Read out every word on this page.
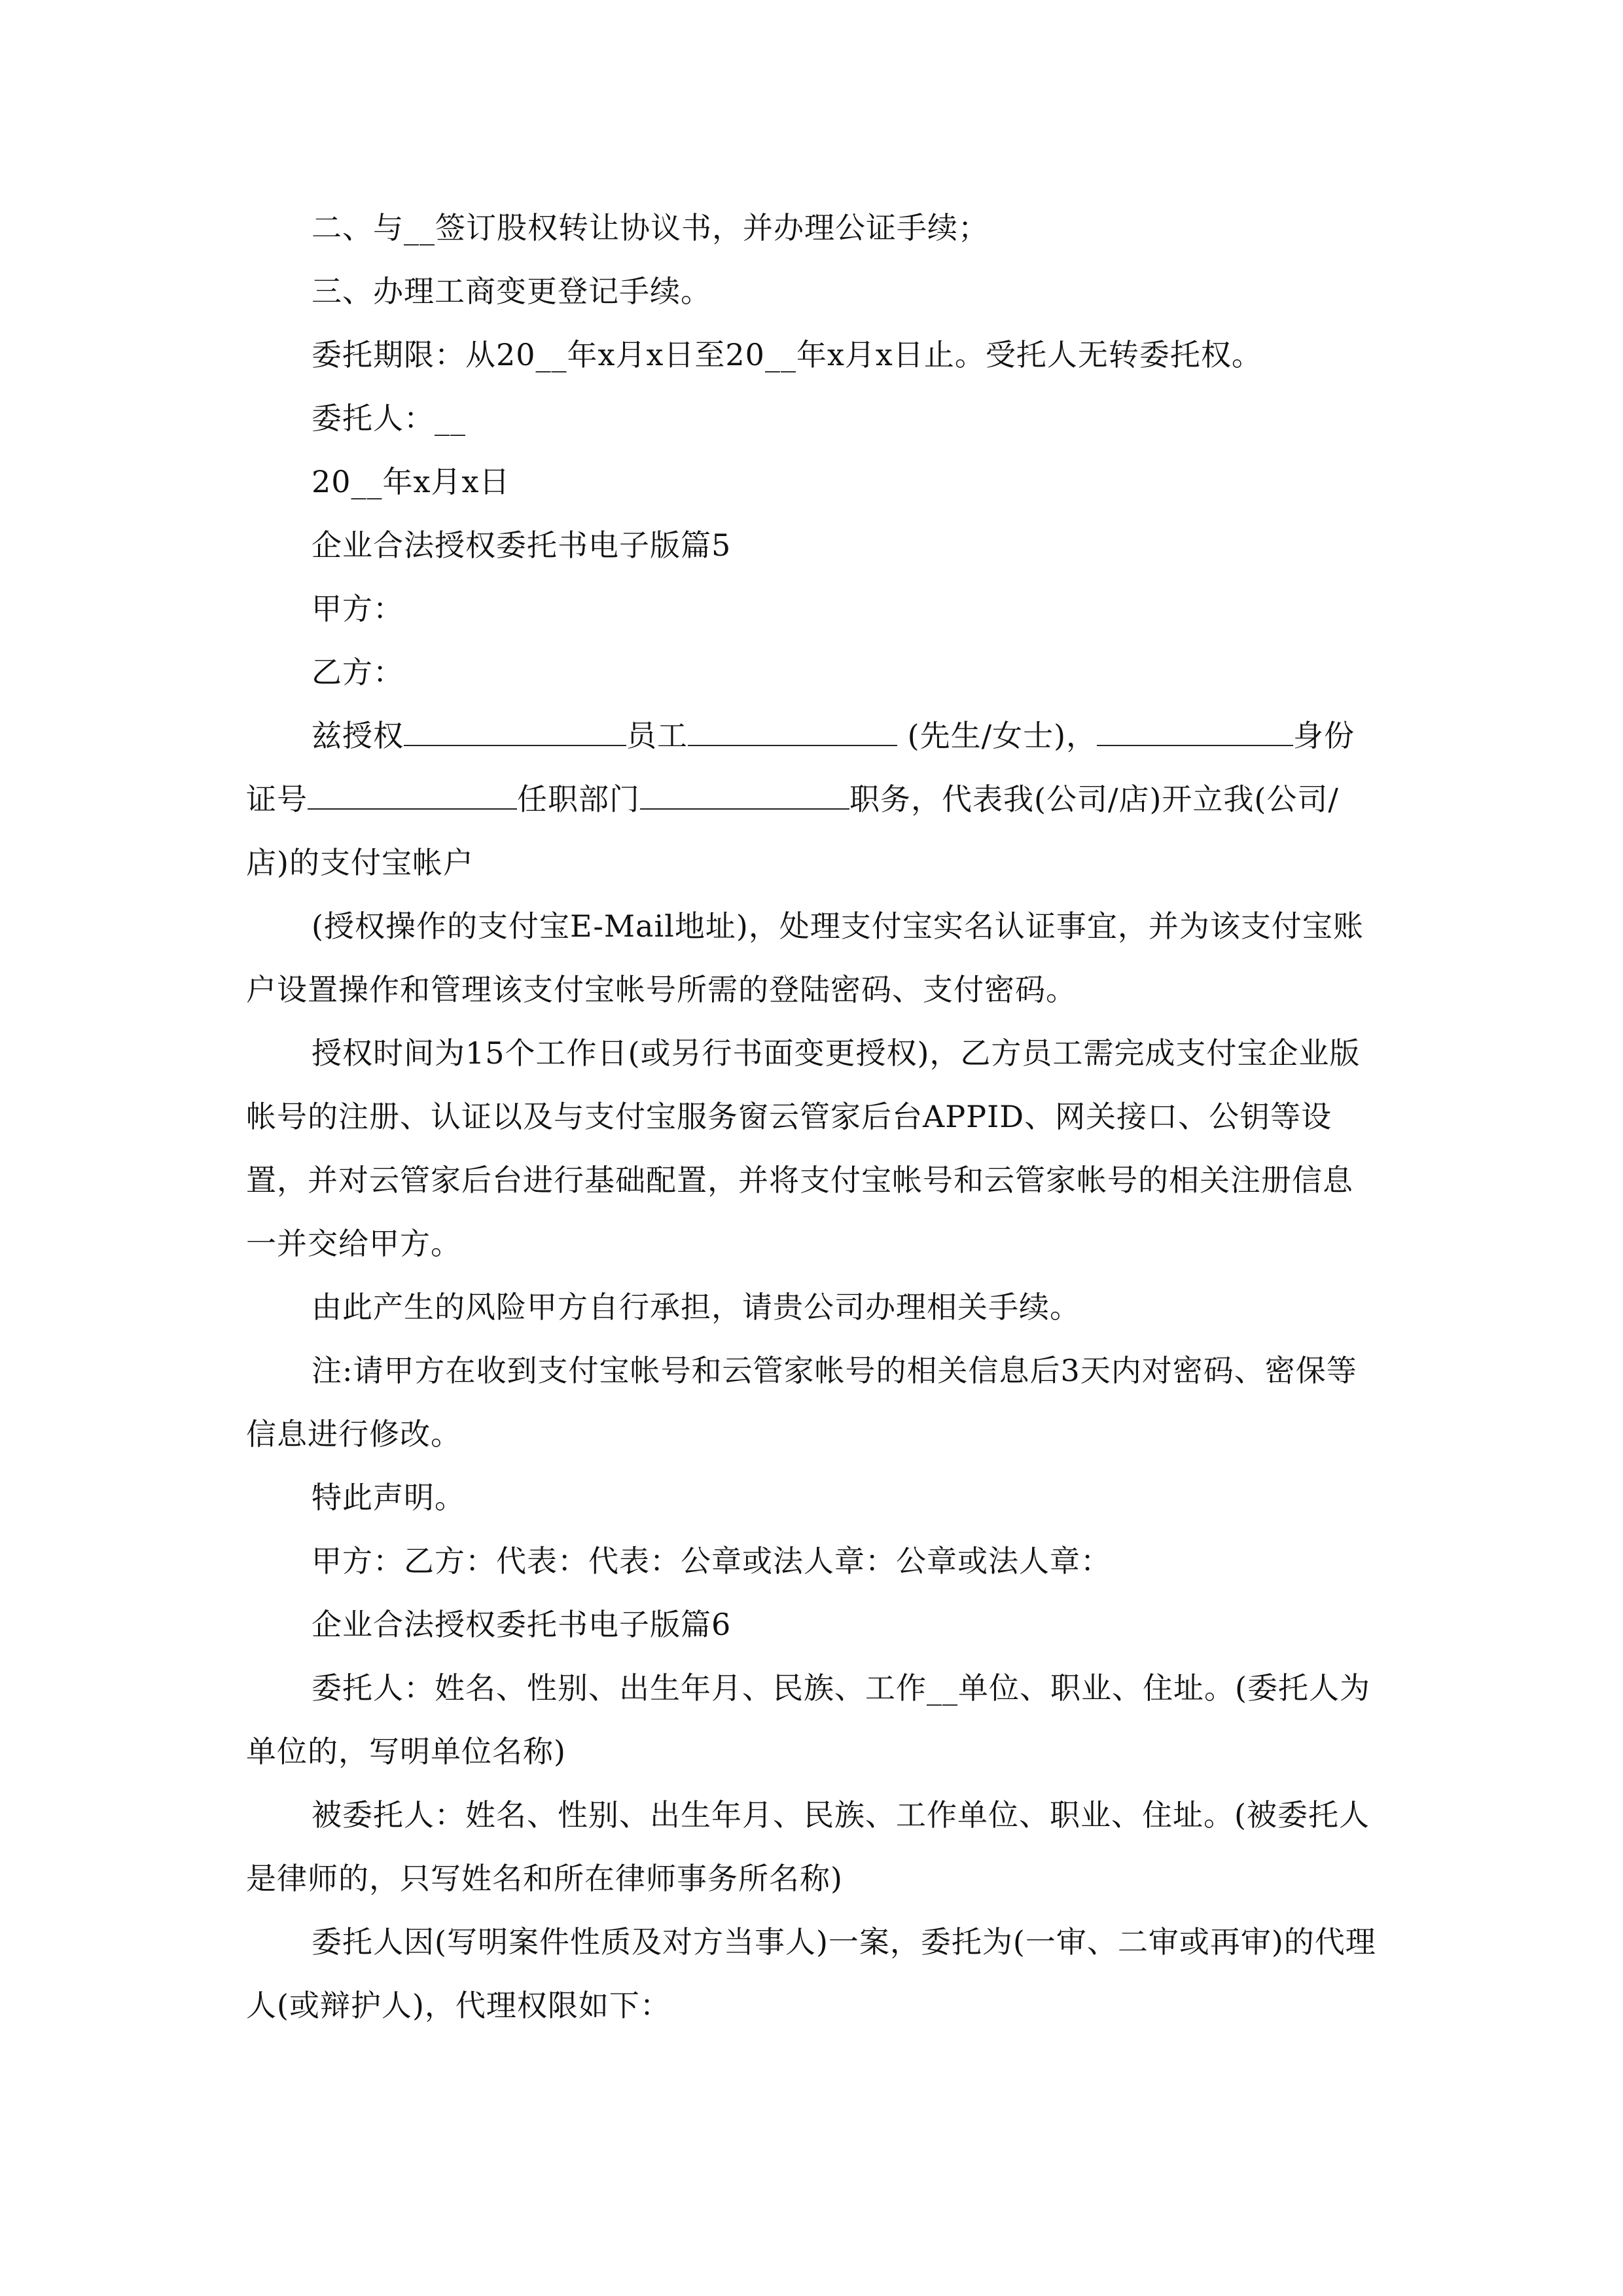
二、与__签订股权转让协议书，并办理公证手续；

三、办理工商变更登记手续。

委托期限：从20__年x月x日至20__年x月x日止。受托人无转委托权。

委托人：__

20__年x月x日

企业合法授权委托书电子版篇5

甲方：

乙方：

兹授权	员工	(先生/女士)，	身份证号	任职部门	职务，代表我(公司/店)开立我(公司/店)的支付宝帐户

(授权操作的支付宝E-Mail地址)，处理支付宝实名认证事宜，并为该支付宝账户设置操作和管理该支付宝帐号所需的登陆密码、支付密码。

授权时间为15个工作日(或另行书面变更授权)，乙方员工需完成支付宝企业版帐号的注册、认证以及与支付宝服务窗云管家后台APPID、网关接口、公钥等设置，并对云管家后台进行基础配置，并将支付宝帐号和云管家帐号的相关注册信息一并交给甲方。

由此产生的风险甲方自行承担，请贵公司办理相关手续。

注:请甲方在收到支付宝帐号和云管家帐号的相关信息后3天内对密码、密保等信息进行修改。

特此声明。

甲方：乙方：代表：代表：公章或法人章：公章或法人章：

企业合法授权委托书电子版篇6

委托人：姓名、性别、出生年月、民族、工作__单位、职业、住址。(委托人为单位的，写明单位名称)

被委托人：姓名、性别、出生年月、民族、工作单位、职业、住址。(被委托人是律师的，只写姓名和所在律师事务所名称)

委托人因(写明案件性质及对方当事人)一案，委托为(一审、二审或再审)的代理人(或辩护人)，代理权限如下：
